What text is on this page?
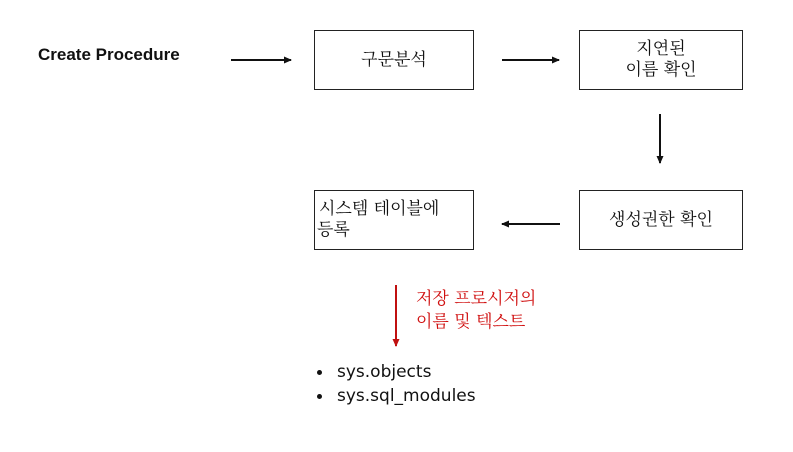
Create Procedure	구문분석
지연된
이름 확인
생성권한 확인
시스템 테이블에
등록
저장 프로시저의
이름 및 텍스트
sys.objects
sys.sql_modules
